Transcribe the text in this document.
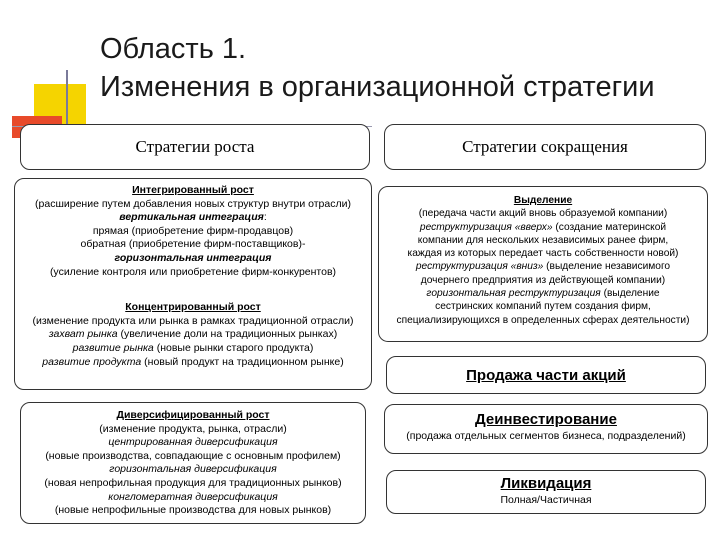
Область 1.
Изменения в организационной стратегии
Стратегии роста
Интегрированный рост
(расширение путем добавления новых структур внутри отрасли)
вертикальная интеграция:
прямая (приобретение фирм-продавцов)
обратная (приобретение фирм-поставщиков)-
горизонтальная интеграция
(усиление контроля или приобретение фирм-конкурентов)
Концентрированный рост
(изменение продукта или рынка в рамках традиционной отрасли)
захват рынка (увеличение доли на традиционных рынках)
развитие рынка (новые рынки старого продукта)
развитие продукта (новый продукт на традиционном рынке)
Диверсифицированный рост
(изменение продукта, рынка, отрасли)
центрированная диверсификация
(новые производства, совпадающие с основным профилем)
горизонтальная диверсификация
(новая непрофильная продукция для традиционных рынков)
конгломератная диверсификация
(новые непрофильные производства для новых рынков)
Стратегии сокращения
Выделение
(передача части акций вновь образуемой компании)
реструктуризация «вверх» (создание материнской
компании для нескольких независимых ранее фирм,
каждая из которых передает часть собственности новой)
реструктуризация «вниз» (выделение независимого
дочернего предприятия из действующей компании)
горизонтальная реструктуризация (выделение
сестринских компаний путем создания фирм,
специализирующихся в определенных сферах деятельности)
Продажа части акций
Деинвестирование
(продажа отдельных сегментов бизнеса, подразделений)
Ликвидация
Полная/Частичная
